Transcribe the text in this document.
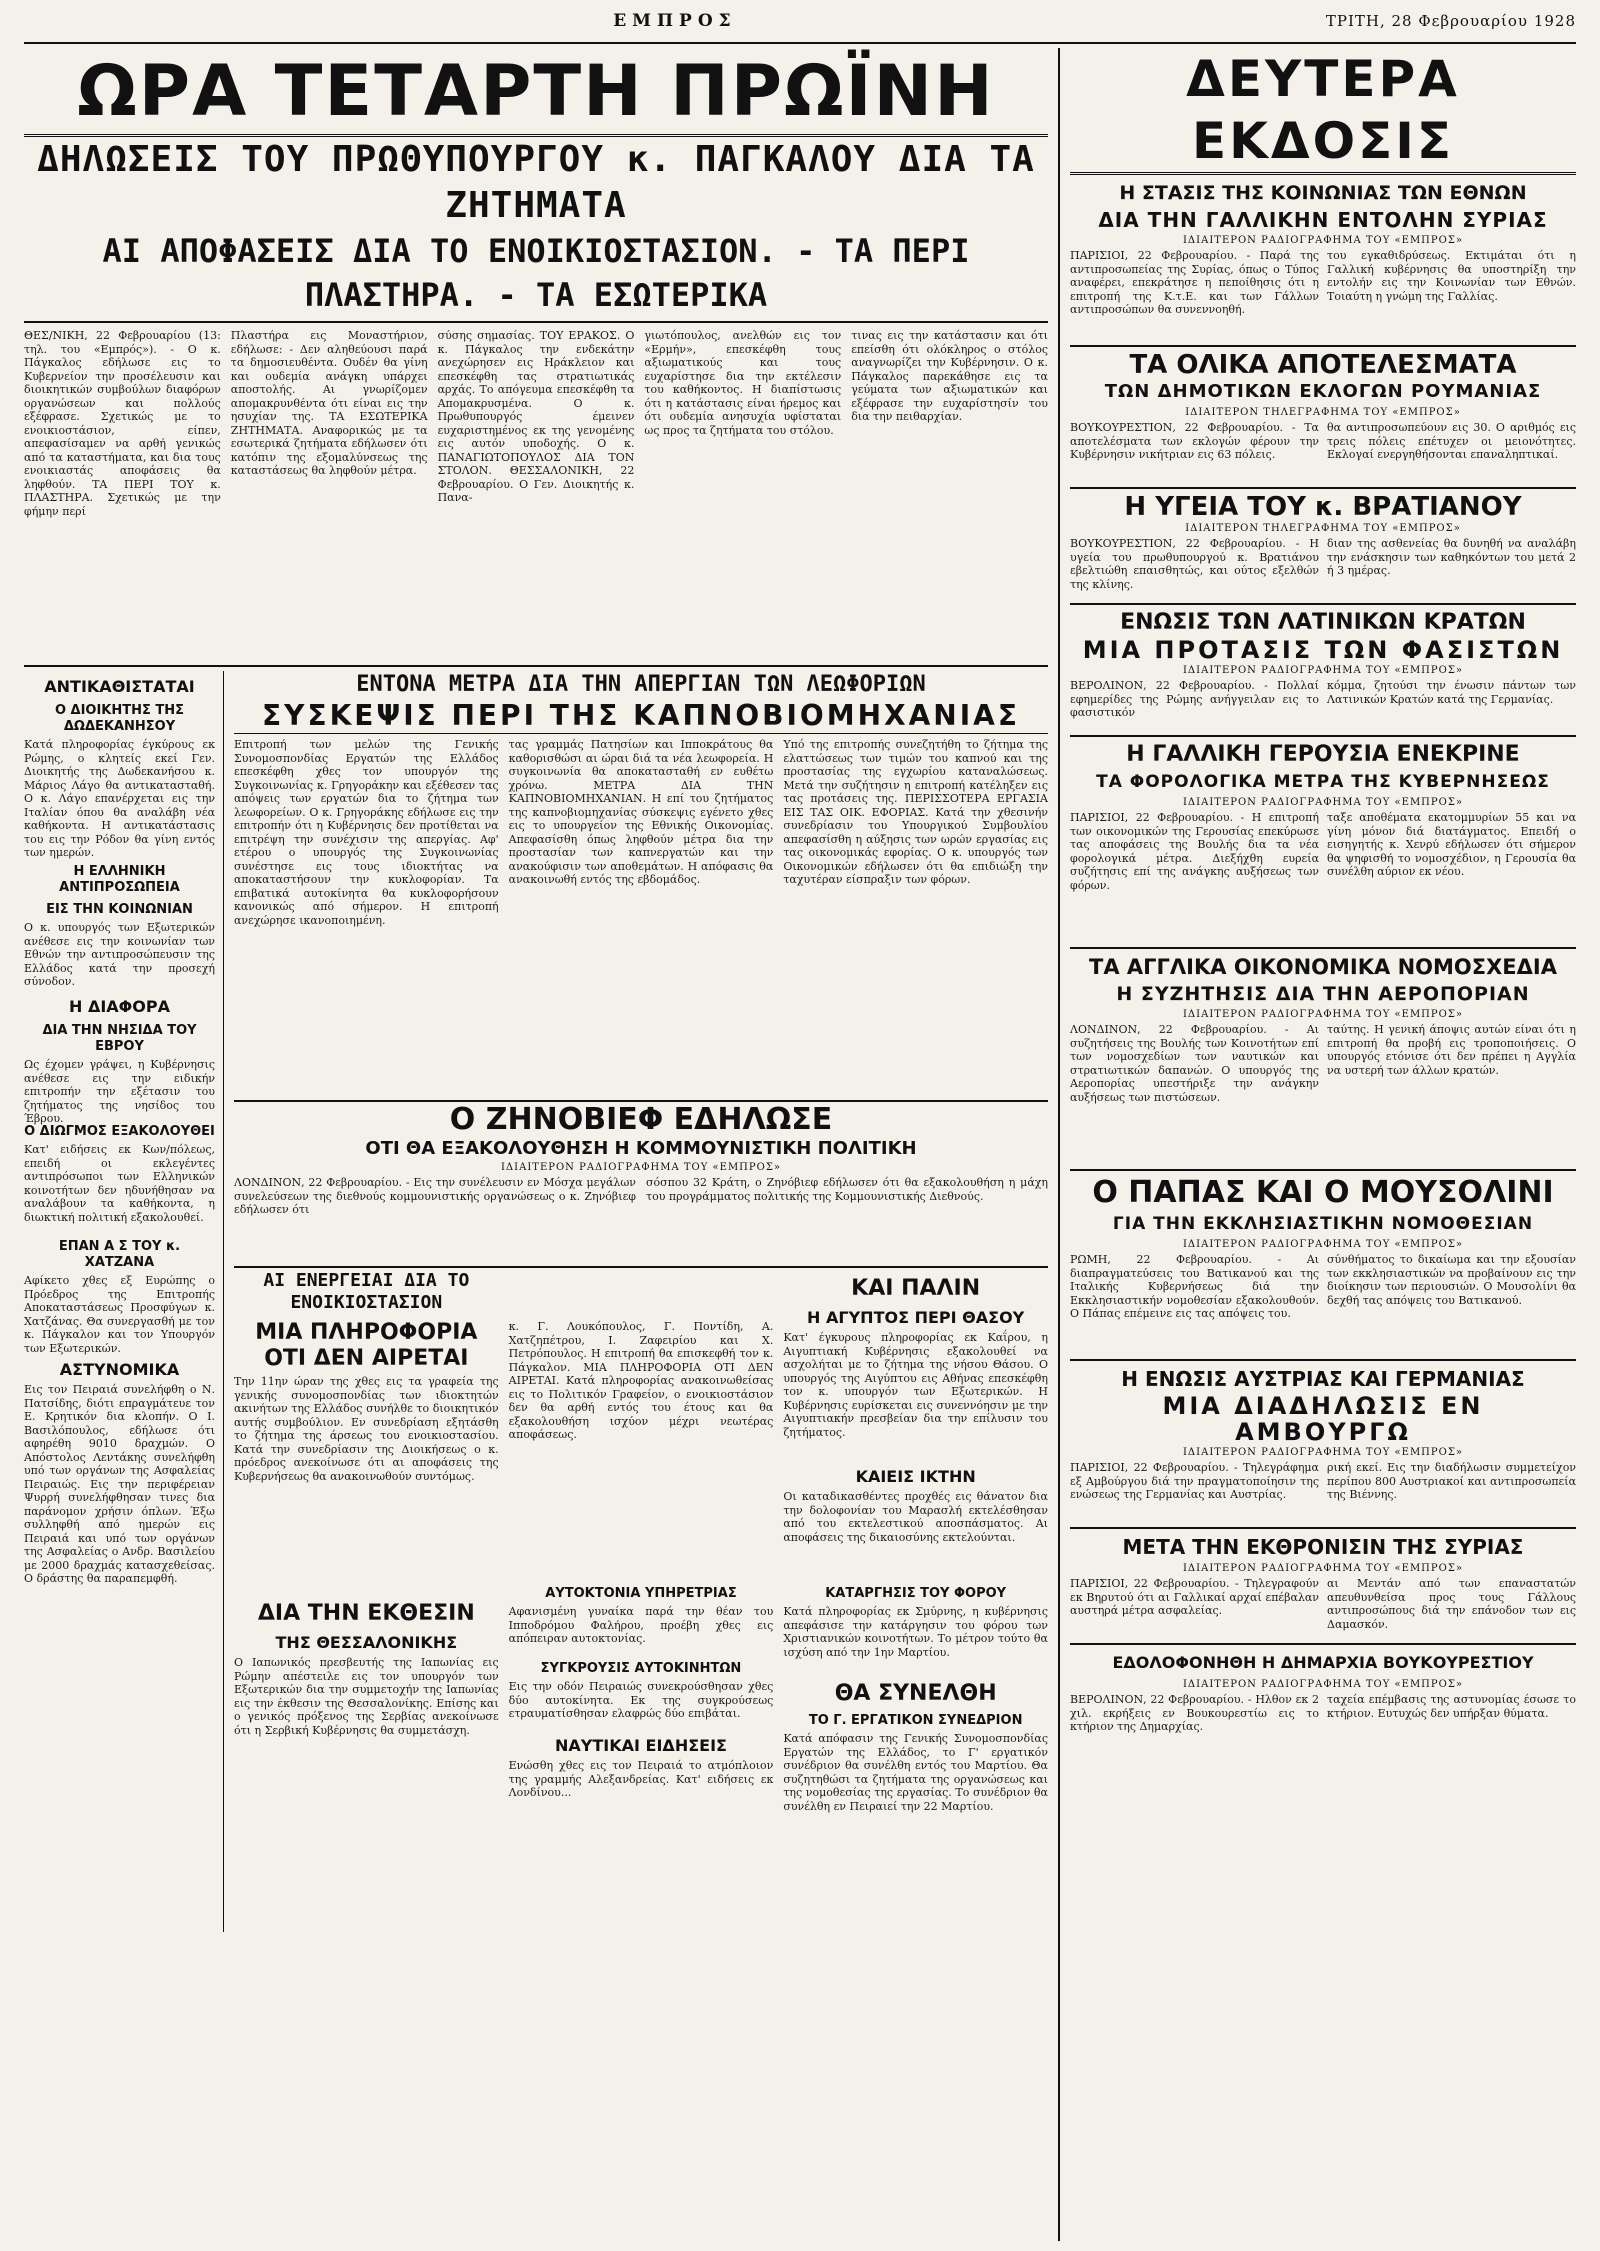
ΕΜΠΡΟΣ	ΤΡΙΤΗ, 28 Φεβρουαρίου 1928
ΩΡΑ ΤΕΤΑΡΤΗ ΠΡΩΪΝΗ
ΔΗΛΩΣΕΙΣ ΤΟΥ ΠΡΩΘΥΠΟΥΡΓΟΥ κ. ΠΑΓΚΑΛΟΥ ΔΙΑ ΤΑ ΖΗΤΗΜΑΤΑ
ΑΙ ΑΠΟΦΑΣΕΙΣ ΔΙΑ ΤΟ ΕΝΟΙΚΙΟΣΤΑΣΙΟΝ. - ΤΑ ΠΕΡΙ ΠΛΑΣΤΗΡΑ. - ΤΑ ΕΣΩΤΕΡΙΚΑ
ΘΕΣ/ΝΙΚΗ, 22 Φεβρουαρίου (13: τηλ. του «Εμπρός»). - Ο κ. Πάγκαλος εδήλωσε εις το Κυβερνείον την προσέλευσιν και διοικητικών συμβούλων διαφόρων οργανώσεων και πολλούς εξέφρασε. Σχετικώς με το ενοικιοστάσιον, είπεν, απεφασίσαμεν να αρθή γενικώς από τα καταστήματα, και δια τους ενοικιαστάς αποφάσεις θα ληφθούν. ΤΑ ΠΕΡΙ ΤΟΥ κ. ΠΛΑΣΤΗΡΑ. Σχετικώς με την φήμην περί
Πλαστήρα εις Μοναστήριον, εδήλωσε: - Δεν αληθεύουσι παρά τα δημοσιευθέντα. Ουδέν θα γίνη και ουδεμία ανάγκη υπάρχει αποστολής. Αι γνωρίζομεν απομακρυνθέντα ότι είναι εις την ησυχίαν της. ΤΑ ΕΣΩΤΕΡΙΚΑ ΖΗΤΗΜΑΤΑ. Αναφορικώς με τα εσωτερικά ζητήματα εδήλωσεν ότι κατόπιν της εξομαλύνσεως της καταστάσεως θα ληφθούν μέτρα.
σύσης σημασίας. ΤΟΥ ΕΡΑΚΟΣ. Ο κ. Πάγκαλος την ενδεκάτην ανεχώρησεν εις Ηράκλειον και επεσκέφθη τας στρατιωτικάς αρχάς. Το απόγευμα επεσκέφθη τα Απομακρυσμένα. Ο κ. Πρωθυπουργός έμεινεν ευχαριστημένος εκ της γενομένης εις αυτόν υποδοχής. Ο κ. ΠΑΝΑΓΙΩΤΟΠΟΥΛΟΣ ΔΙΑ ΤΟΝ ΣΤΟΛΟΝ. ΘΕΣΣΑΛΟΝΙΚΗ, 22 Φεβρουαρίου. Ο Γεν. Διοικητής κ. Πανα-
γιωτόπουλος, ανελθών εις τον «Ερμήν», επεσκέφθη τους αξιωματικούς και τους ευχαρίστησε δια την εκτέλεσιν του καθήκοντος. Η διαπίστωσις ότι η κατάστασις είναι ήρεμος και ότι ουδεμία ανησυχία υφίσταται ως προς τα ζητήματα του στόλου.
τινας εις την κατάστασιν και ότι επείσθη ότι ολόκληρος ο στόλος αναγνωρίζει την Κυβέρνησιν. Ο κ. Πάγκαλος παρεκάθησε εις τα γεύματα των αξιωματικών και εξέφρασε την ευχαρίστησίν του δια την πειθαρχίαν.
ΑΝΤΙΚΑΘΙΣΤΑΤΑΙ
Ο ΔΙΟΙΚΗΤΗΣ ΤΗΣ ΔΩΔΕΚΑΝΗΣΟΥ
Κατά πληροφορίας έγκύρους εκ Ρώμης, ο κλητείς εκεί Γεν. Διοικητής της Δωδεκανήσου κ. Μάριος Λάγο θα αντικατασταθή. Ο κ. Λάγο επανέρχεται εις την Ιταλίαν όπου θα αναλάβη νέα καθήκοντα. Η αντικατάστασις του εις την Ρόδον θα γίνη εντός των ημερών.
Η ΕΛΛΗΝΙΚΗ ΑΝΤΙΠΡΟΣΩΠΕΙΑ
ΕΙΣ ΤΗΝ ΚΟΙΝΩΝΙΑΝ
Ο κ. υπουργός των Εξωτερικών ανέθεσε εις την κοινωνίαν των Εθνών την αντιπροσώπευσιν της Ελλάδος κατά την προσεχή σύνοδον.
Η ΔΙΑΦΟΡΑ
ΔΙΑ ΤΗΝ ΝΗΣΙΔΑ ΤΟΥ ΕΒΡΟΥ
Ως έχομεν γράψει, η Κυβέρνησις ανέθεσε εις την ειδικήν επιτροπήν την εξέτασιν του ζητήματος της νησίδος του Έβρου.
Ο ΔΙΩΓΜΟΣ ΕΞΑΚΟΛΟΥΘΕΙ
Κατ' ειδήσεις εκ Κων/πόλεως, επειδή οι εκλεγέντες αντιπρόσωποι των Ελληνικών κοινοτήτων δεν ηδυνήθησαν να αναλάβουν τα καθήκοντα, η διωκτική πολιτική εξακολουθεί.
ΕΠΑΝ Α Σ ΤΟΥ κ. ΧΑΤΖΑΝΑ
Αφίκετο χθες εξ Ευρώπης ο Πρόεδρος της Επιτροπής Αποκαταστάσεως Προσφύγων κ. Χατζάνας. Θα συνεργασθή με τον κ. Πάγκαλον και τον Υπουργόν των Εξωτερικών.
ΑΣΤΥΝΟΜΙΚΑ
Εις τον Πειραιά συνελήφθη ο Ν. Πατσίδης, διότι επραγμάτευε τον Ε. Κρητικόν δια κλοπήν. Ο Ι. Βασιλόπουλος, εδήλωσε ότι αφηρέθη 9010 δραχμών. Ο Απόστολος Λεντάκης συνελήφθη υπό των οργάνων της Ασφαλείας Πειραιώς. Εις την περιφέρειαν Ψυρρή συνελήφθησαν τινες δια παράνομον χρήσιν όπλων. Έξω συλληφθή από ημερών εις Πειραιά και υπό των οργάνων της Ασφαλείας ο Ανδρ. Βασιλείου με 2000 δραχμάς κατασχεθείσας. Ο δράστης θα παραπεμφθή.
ΕΝΤΟΝΑ ΜΕΤΡΑ ΔΙΑ ΤΗΝ ΑΠΕΡΓΙΑΝ ΤΩΝ ΛΕΩΦΟΡΙΩΝ
ΣΥΣΚΕΨΙΣ ΠΕΡΙ ΤΗΣ ΚΑΠΝΟΒΙΟΜΗΧΑΝΙΑΣ
Επιτροπή των μελών της Γενικής Συνομοσπονδίας Εργατών της Ελλάδος επεσκέφθη χθες τον υπουργόν της Συγκοινωνίας κ. Γρηγοράκην και εξέθεσεν τας απόψεις των εργατών δια το ζήτημα των λεωφορείων. Ο κ. Γρηγοράκης εδήλωσε εις την επιτροπήν ότι η Κυβέρνησις δεν προτίθεται να επιτρέψη την συνέχισιν της απεργίας. Αφ' ετέρου ο υπουργός της Συγκοινωνίας συνέστησε εις τους ιδιοκτήτας να αποκαταστήσουν την κυκλοφορίαν. Τα επιβατικά αυτοκίνητα θα κυκλοφορήσουν κανονικώς από σήμερον. Η επιτροπή ανεχώρησε ικανοποιημένη.
τας γραμμάς Πατησίων και Ιπποκράτους θα καθορισθώσι αι ώραι διά τα νέα λεωφορεία. Η συγκοινωνία θα αποκατασταθή εν ευθέτω χρόνω. ΜΕΤΡΑ ΔΙΑ ΤΗΝ ΚΑΠΝΟΒΙΟΜΗΧΑΝΙΑΝ. Η επί του ζητήματος της καπνοβιομηχανίας σύσκεψις εγένετο χθες εις το υπουργείον της Εθνικής Οικονομίας. Απεφασίσθη όπως ληφθούν μέτρα δια την προστασίαν των καπνεργατών και την ανακούφισιν των αποθεμάτων. Η απόφασις θα ανακοινωθή εντός της εβδομάδος.
Υπό της επιτροπής συνεζητήθη το ζήτημα της ελαττώσεως των τιμών του καπνού και της προστασίας της εγχωρίου καταναλώσεως. Μετά την συζήτησιν η επιτροπή κατέληξεν εις τας προτάσεις της. ΠΕΡΙΣΣΟΤΕΡΑ ΕΡΓΑΣΙΑ ΕΙΣ ΤΑΣ ΟΙΚ. ΕΦΟΡΙΑΣ. Κατά την χθεσινήν συνεδρίασιν του Υπουργικού Συμβουλίου απεφασίσθη η αύξησις των ωρών εργασίας εις τας οικονομικάς εφορίας. Ο κ. υπουργός των Οικονομικών εδήλωσεν ότι θα επιδιώξη την ταχυτέραν είσπραξιν των φόρων.
Ο ΖΗΝΟΒΙΕΦ ΕΔΗΛΩΣΕ
ΟΤΙ ΘΑ ΕΞΑΚΟΛΟΥΘΗΣΗ Η ΚΟΜΜΟΥΝΙΣΤΙΚΗ ΠΟΛΙΤΙΚΗ
ΙΔΙΑΙΤΕΡΟΝ ΡΑΔΙΟΓΡΑΦΗΜΑ ΤΟΥ «ΕΜΠΡΟΣ»
ΛΟΝΔΙΝΟΝ, 22 Φεβρουαρίου. - Εις την συνέλευσιν εν Μόσχα μεγάλων συνελεύσεων της διεθνούς κομμουνιστικής οργανώσεως ο κ. Ζηνόβιεφ εδήλωσεν ότι
σόσπου 32 Κράτη, ο Ζηνόβιεφ εδήλωσεν ότι θα εξακολουθήση η μάχη του προγράμματος πολιτικής της Κομμουνιστικής Διεθνούς.
ΑΙ ΕΝΕΡΓΕΙΑΙ ΔΙΑ ΤΟ ΕΝΟΙΚΙΟΣΤΑΣΙΟΝ
ΜΙΑ ΠΛΗΡΟΦΟΡΙΑ ΟΤΙ ΔΕΝ ΑΙΡΕΤΑΙ
Την 11ην ώραν της χθες εις τα γραφεία της γενικής συνομοσπονδίας των ιδιοκτητών ακινήτων της Ελλάδος συνήλθε το διοικητικόν αυτής συμβούλιον. Εν συνεδρίαση εξητάσθη το ζήτημα της άρσεως του ενοικιοστασίου. Κατά την συνεδρίασιν της Διοικήσεως ο κ. πρόεδρος ανεκοίνωσε ότι αι αποφάσεις της Κυβερνήσεως θα ανακοινωθούν συντόμως.
ΔΙΑ ΤΗΝ ΕΚΘΕΣΙΝ
ΤΗΣ ΘΕΣΣΑΛΟΝΙΚΗΣ
Ο Ιαπωνικός πρεσβευτής της Ιαπωνίας εις Ρώμην απέστειλε εις τον υπουργόν των Εξωτερικών δια την συμμετοχήν της Ιαπωνίας εις την έκθεσιν της Θεσσαλονίκης. Επίσης και ο γενικός πρόξενος της Σερβίας ανεκοίνωσε ότι η Σερβική Κυβέρνησις θα συμμετάσχη.
κ. Γ. Λουκόπουλος, Γ. Ποντίδη, Α. Χατζηπέτρου, Ι. Ζαφειρίου και Χ. Πετρόπουλος. Η επιτροπή θα επισκεφθή τον κ. Πάγκαλον. ΜΙΑ ΠΛΗΡΟΦΟΡΙΑ ΟΤΙ ΔΕΝ ΑΙΡΕΤΑΙ. Κατά πληροφορίας ανακοινωθείσας εις το Πολιτικόν Γραφείον, ο ενοικιοστάσιον δεν θα αρθή εντός του έτους και θα εξακολουθήση ισχύον μέχρι νεωτέρας αποφάσεως.
ΑΥΤΟΚΤΟΝΙΑ ΥΠΗΡΕΤΡΙΑΣ
Αφανισμένη γυναίκα παρά την θέαν του Ιπποδρόμου Φαλήρου, προέβη χθες εις απόπειραν αυτοκτονίας.
ΣΥΓΚΡΟΥΣΙΣ ΑΥΤΟΚΙΝΗΤΩΝ
Εις την οδόν Πειραιώς συνεκρούσθησαν χθες δύο αυτοκίνητα. Εκ της συγκρούσεως ετραυματίσθησαν ελαφρώς δύο επιβάται.
ΝΑΥΤΙΚΑΙ ΕΙΔΗΣΕΙΣ
Ενώσθη χθες εις τον Πειραιά το ατμόπλοιον της γραμμής Αλεξανδρείας. Κατ' ειδήσεις εκ Λονδίνου...
ΚΑΙ ΠΑΛΙΝ
Η ΑΓΥΠΤΟΣ ΠΕΡΙ ΘΑΣΟΥ
Κατ' έγκυρους πληροφορίας εκ Καΐρου, η Αιγυπτιακή Κυβέρνησις εξακολουθεί να ασχολήται με το ζήτημα της νήσου Θάσου. Ο υπουργός της Αιγύπτου εις Αθήνας επεσκέφθη τον κ. υπουργόν των Εξωτερικών. Η Κυβέρνησις ευρίσκεται εις συνεννόησιν με την Αιγυπτιακήν πρεσβείαν δια την επίλυσιν του ζητήματος.
ΚΑΙΕΙΣ ΙΚΤΗΝ
Οι καταδικασθέντες προχθές εις θάνατον δια την δολοφονίαν του Μαρασλή εκτελέσθησαν από του εκτελεστικού αποσπάσματος. Αι αποφάσεις της δικαιοσύνης εκτελούνται.
ΚΑΤΑΡΓΗΣΙΣ ΤΟΥ ΦΟΡΟΥ
Κατά πληροφορίας εκ Σμύρνης, η κυβέρνησις απεφάσισε την κατάργησιν του φόρου των Χριστιανικών κοινοτήτων. Το μέτρον τούτο θα ισχύση από την 1ην Μαρτίου.
ΘΑ ΣΥΝΕΛΘΗ
ΤΟ Γ. ΕΡΓΑΤΙΚΟΝ ΣΥΝΕΔΡΙΟΝ
Κατά απόφασιν της Γενικής Συνομοσπονδίας Εργατών της Ελλάδος, το Γ' εργατικόν συνέδριον θα συνέλθη εντός του Μαρτίου. Θα συζητηθώσι τα ζητήματα της οργανώσεως και της νομοθεσίας της εργασίας. Το συνέδριον θα συνέλθη εν Πειραιεί την 22 Μαρτίου.
ΔΕΥΤΕΡΑ ΕΚΔΟΣΙΣ
Η ΣΤΑΣΙΣ ΤΗΣ ΚΟΙΝΩΝΙΑΣ ΤΩΝ ΕΘΝΩΝ
ΔΙΑ ΤΗΝ ΓΑΛΛΙΚΗΝ ΕΝΤΟΛΗΝ ΣΥΡΙΑΣ
ΙΔΙΑΙΤΕΡΟΝ ΡΑΔΙΟΓΡΑΦΗΜΑ ΤΟΥ «ΕΜΠΡΟΣ»
ΠΑΡΙΣΙΟΙ, 22 Φεβρουαρίου. - Παρά της αντιπροσωπείας της Συρίας, όπως ο Τύπος αναφέρει, επεκράτησε η πεποίθησις ότι η επιτροπή της Κ.τ.Ε. και των Γάλλων αντιπροσώπων θα συνεννοηθή.
του εγκαθιδρύσεως. Εκτιμάται ότι η Γαλλική κυβέρνησις θα υποστηρίξη την εντολήν εις την Κοινωνίαν των Εθνών. Τοιαύτη η γνώμη της Γαλλίας.
ΤΑ ΟΛΙΚΑ ΑΠΟΤΕΛΕΣΜΑΤΑ
ΤΩΝ ΔΗΜΟΤΙΚΩΝ ΕΚΛΟΓΩΝ ΡΟΥΜΑΝΙΑΣ
ΙΔΙΑΙΤΕΡΟΝ ΤΗΛΕΓΡΑΦΗΜΑ ΤΟΥ «ΕΜΠΡΟΣ»
ΒΟΥΚΟΥΡΕΣΤΙΟΝ, 22 Φεβρουαρίου. - Τα αποτελέσματα των εκλογών φέρουν την Κυβέρνησιν νικήτριαν εις 63 πόλεις.
θα αντιπροσωπεύουν εις 30. Ο αριθμός εις τρεις πόλεις επέτυχεν οι μειονότητες. Εκλογαί ενεργηθήσονται επαναληπτικαί.
Η ΥΓΕΙΑ ΤΟΥ κ. ΒΡΑΤΙΑΝΟΥ
ΙΔΙΑΙΤΕΡΟΝ ΤΗΛΕΓΡΑΦΗΜΑ ΤΟΥ «ΕΜΠΡΟΣ»
ΒΟΥΚΟΥΡΕΣΤΙΟΝ, 22 Φεβρουαρίου. - Η υγεία του πρωθυπουργού κ. Βρατιάνου εβελτιώθη επαισθητώς, και ούτος εξελθών της κλίνης.
διαν της ασθενείας θα δυνηθή να αναλάβη την ενάσκησιν των καθηκόντων του μετά 2 ή 3 ημέρας.
ΕΝΩΣΙΣ ΤΩΝ ΛΑΤΙΝΙΚΩΝ ΚΡΑΤΩΝ
ΜΙΑ ΠΡΟΤΑΣΙΣ ΤΩΝ ΦΑΣΙΣΤΩΝ
ΙΔΙΑΙΤΕΡΟΝ ΡΑΔΙΟΓΡΑΦΗΜΑ ΤΟΥ «ΕΜΠΡΟΣ»
ΒΕΡΟΛΙΝΟΝ, 22 Φεβρουαρίου. - Πολλαί εφημερίδες της Ρώμης ανήγγειλαν εις το φασιστικόν
κόμμα, ζητούσι την ένωσιν πάντων των Λατινικών Κρατών κατά της Γερμανίας.
Η ΓΑΛΛΙΚΗ ΓΕΡΟΥΣΙΑ ΕΝΕΚΡΙΝΕ
ΤΑ ΦΟΡΟΛΟΓΙΚΑ ΜΕΤΡΑ ΤΗΣ ΚΥΒΕΡΝΗΣΕΩΣ
ΙΔΙΑΙΤΕΡΟΝ ΡΑΔΙΟΓΡΑΦΗΜΑ ΤΟΥ «ΕΜΠΡΟΣ»
ΠΑΡΙΣΙΟΙ, 22 Φεβρουαρίου. - Η επιτροπή των οικονομικών της Γερουσίας επεκύρωσε τας αποφάσεις της Βουλής δια τα νέα φορολογικά μέτρα. Διεξήχθη ευρεία συζήτησις επί της ανάγκης αυξήσεως των φόρων.
ταξε αποθέματα εκατομμυρίων 55 και να γίνη μόνον διά διατάγματος. Επειδή ο εισηγητής κ. Χενρύ εδήλωσεν ότι σήμερον θα ψηφισθή το νομοσχέδιον, η Γερουσία θα συνέλθη αύριον εκ νέου.
ΤΑ ΑΓΓΛΙΚΑ ΟΙΚΟΝΟΜΙΚΑ ΝΟΜΟΣΧΕΔΙΑ
Η ΣΥΖΗΤΗΣΙΣ ΔΙΑ ΤΗΝ ΑΕΡΟΠΟΡΙΑΝ
ΙΔΙΑΙΤΕΡΟΝ ΡΑΔΙΟΓΡΑΦΗΜΑ ΤΟΥ «ΕΜΠΡΟΣ»
ΛΟΝΔΙΝΟΝ, 22 Φεβρουαρίου. - Αι συζητήσεις της Βουλής των Κοινοτήτων επί των νομοσχεδίων των ναυτικών και στρατιωτικών δαπανών. Ο υπουργός της Αεροπορίας υπεστήριξε την ανάγκην αυξήσεως των πιστώσεων.
ταύτης. Η γενική άποψις αυτών είναι ότι η επιτροπή θα προβή εις τροποποιήσεις. Ο υπουργός ετόνισε ότι δεν πρέπει η Αγγλία να υστερή των άλλων κρατών.
Ο ΠΑΠΑΣ ΚΑΙ Ο ΜΟΥΣΟΛΙΝΙ
ΓΙΑ ΤΗΝ ΕΚΚΛΗΣΙΑΣΤΙΚΗΝ ΝΟΜΟΘΕΣΙΑΝ
ΙΔΙΑΙΤΕΡΟΝ ΡΑΔΙΟΓΡΑΦΗΜΑ ΤΟΥ «ΕΜΠΡΟΣ»
ΡΩΜΗ, 22 Φεβρουαρίου. - Αι διαπραγματεύσεις του Βατικανού και της Ιταλικής Κυβερνήσεως διά την Εκκλησιαστικήν νομοθεσίαν εξακολουθούν. Ο Πάπας επέμεινε εις τας απόψεις του.
σύνθήματος το δικαίωμα και την εξουσίαν των εκκλησιαστικών να προβαίνουν εις την διοίκησιν των περιουσιών. Ο Μουσολίνι θα δεχθή τας απόψεις του Βατικανού.
Η ΕΝΩΣΙΣ ΑΥΣΤΡΙΑΣ ΚΑΙ ΓΕΡΜΑΝΙΑΣ
ΜΙΑ ΔΙΑΔΗΛΩΣΙΣ ΕΝ ΑΜΒΟΥΡΓΩ
ΙΔΙΑΙΤΕΡΟΝ ΡΑΔΙΟΓΡΑΦΗΜΑ ΤΟΥ «ΕΜΠΡΟΣ»
ΠΑΡΙΣΙΟΙ, 22 Φεβρουαρίου. - Τηλεγράφημα εξ Αμβούργου διά την πραγματοποίησιν της ενώσεως της Γερμανίας και Αυστρίας.
ρική εκεί. Εις την διαδήλωσιν συμμετείχον περίπου 800 Αυστριακοί και αντιπροσωπεία της Βιέννης.
ΜΕΤΑ ΤΗΝ ΕΚΘΡΟΝΙΣΙΝ ΤΗΣ ΣΥΡΙΑΣ
ΙΔΙΑΙΤΕΡΟΝ ΡΑΔΙΟΓΡΑΦΗΜΑ ΤΟΥ «ΕΜΠΡΟΣ»
ΠΑΡΙΣΙΟΙ, 22 Φεβρουαρίου. - Τηλεγραφούν εκ Βηρυτού ότι αι Γαλλικαί αρχαί επέβαλαν αυστηρά μέτρα ασφαλείας.
αι Μεντάν από των επαναστατών απευθυνθείσα προς τους Γάλλους αντιπροσώπους διά την επάνοδον των εις Δαμασκόν.
ΕΔΟΛΟΦΟΝΗΘΗ Η ΔΗΜΑΡΧΙΑ ΒΟΥΚΟΥΡΕΣΤΙΟΥ
ΙΔΙΑΙΤΕΡΟΝ ΡΑΔΙΟΓΡΑΦΗΜΑ ΤΟΥ «ΕΜΠΡΟΣ»
ΒΕΡΟΛΙΝΟΝ, 22 Φεβρουαρίου. - Ηλθον εκ 2 χιλ. εκρήξεις εν Βουκουρεστίω εις το κτήριον της Δημαρχίας.
ταχεία επέμβασις της αστυνομίας έσωσε το κτήριον. Ευτυχώς δεν υπήρξαν θύματα.
